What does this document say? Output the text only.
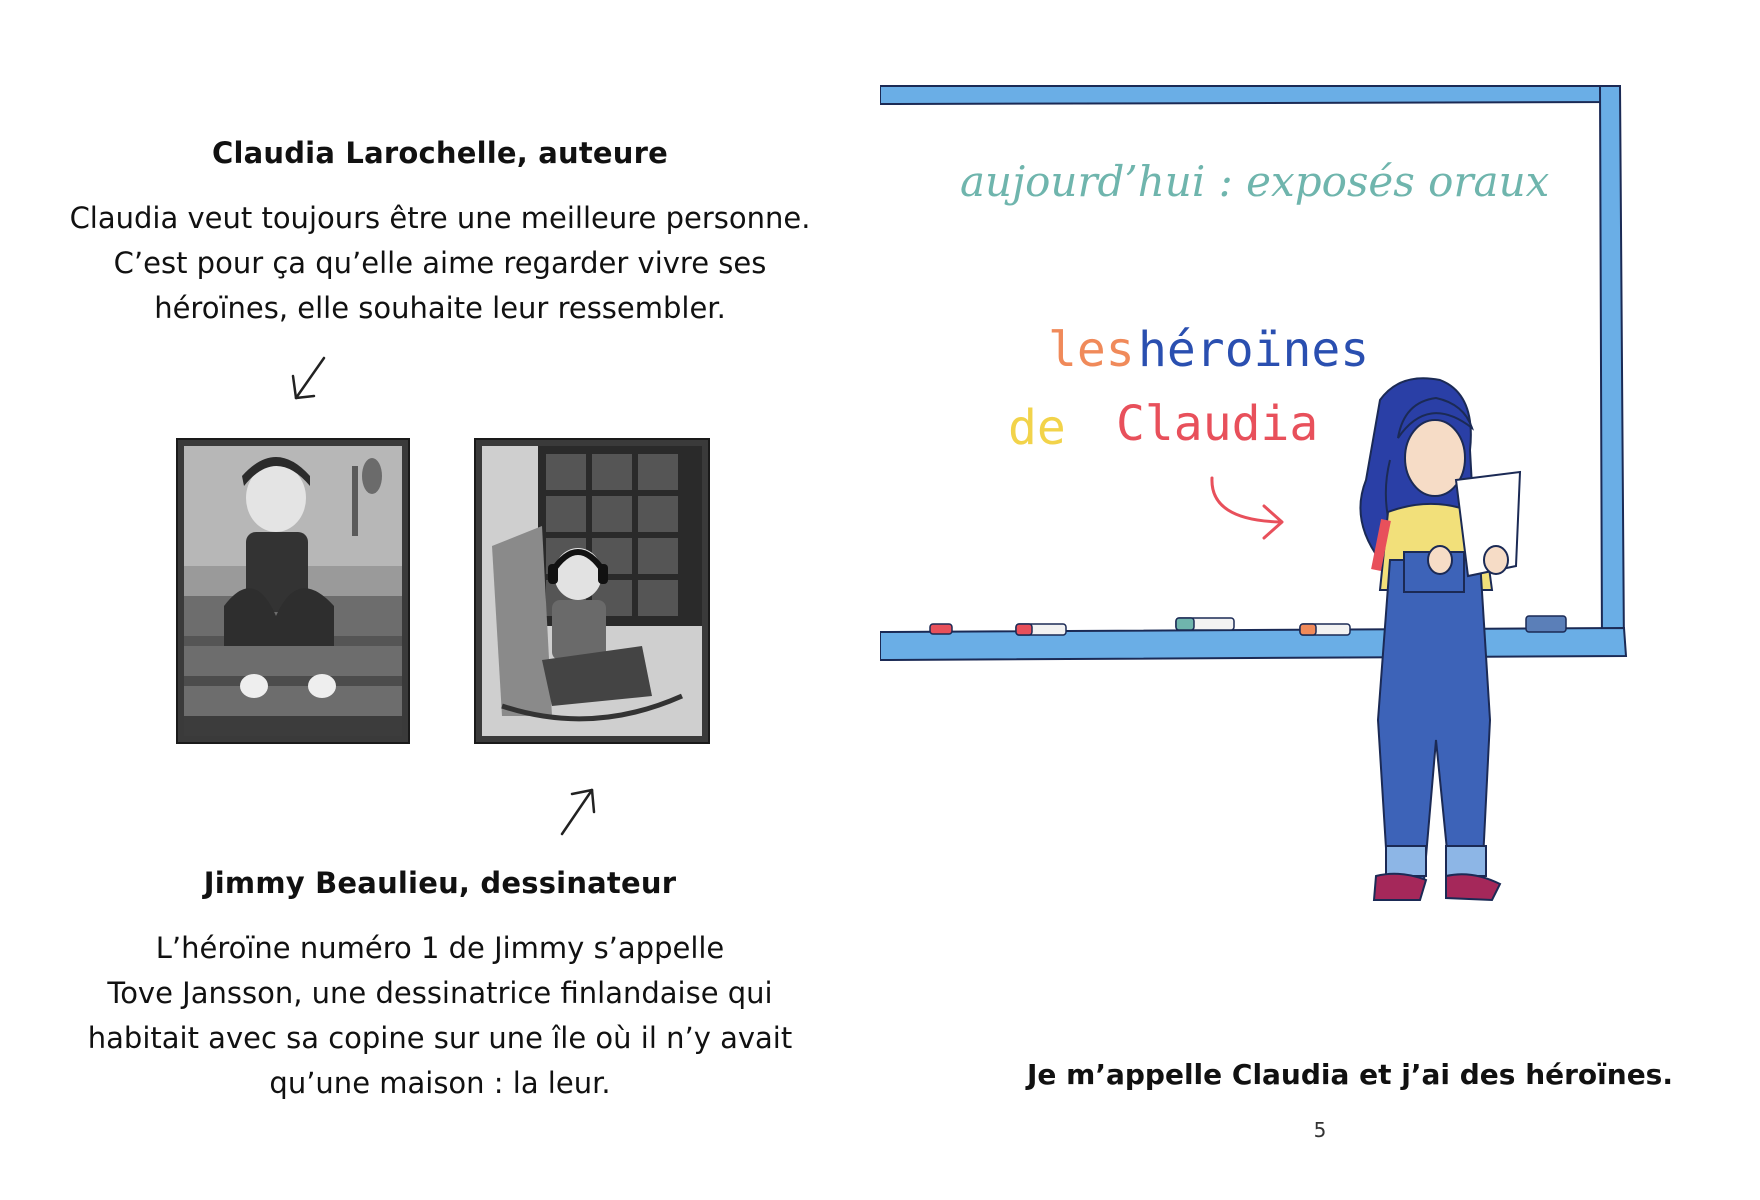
Claudia Larochelle, auteure
Claudia veut toujours être une meilleure personne.
C’est pour ça qu’elle aime regarder vivre ses
héroïnes, elle souhaite leur ressembler.
Jimmy Beaulieu, dessinateur
L’héroïne numéro 1 de Jimmy s’appelle
Tove Jansson, une dessinatrice finlandaise qui
habitait avec sa copine sur une île où il n’y avait
qu’une maison : la leur.
aujourd’hui : exposés oraux
les héroïnes
de Claudia
Je m’appelle Claudia et j’ai des héroïnes.
5
